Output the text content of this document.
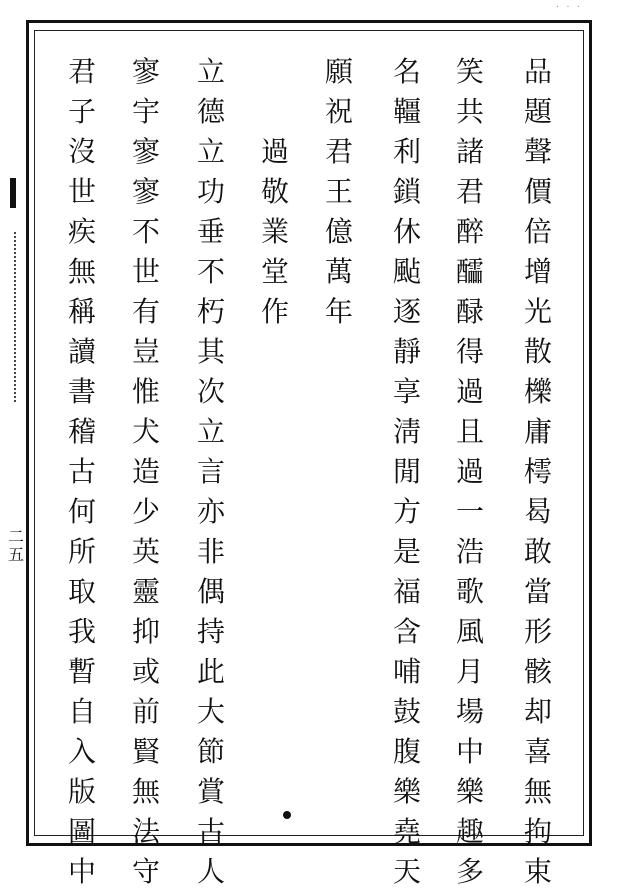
· · ·
二五
品
題
聲
價
倍
增
光
散
櫟
庸
樗
曷
敢
當
形
骸
却
喜
無
拘
束
笑
共
諸
君
醉
醽
醁
得
過
且
過
一
浩
歌
風
月
場
中
樂
趣
多
名
韁
利
鎖
休
颭
逐
靜
享
淸
閒
方
是
福
含
哺
鼓
腹
樂
堯
天
願
祝
君
王
億
萬
年
過
敬
業
堂
作
立
德
立
功
垂
不
朽
其
次
立
言
亦
非
偶
持
此
大
節
賞
古
人
寥
宇
寥
寥
不
世
有
豈
惟
犬
造
少
英
靈
抑
或
前
賢
無
法
守
君
子
沒
世
疾
無
稱
讀
書
稽
古
何
所
取
我
暫
自
入
版
圖
中
